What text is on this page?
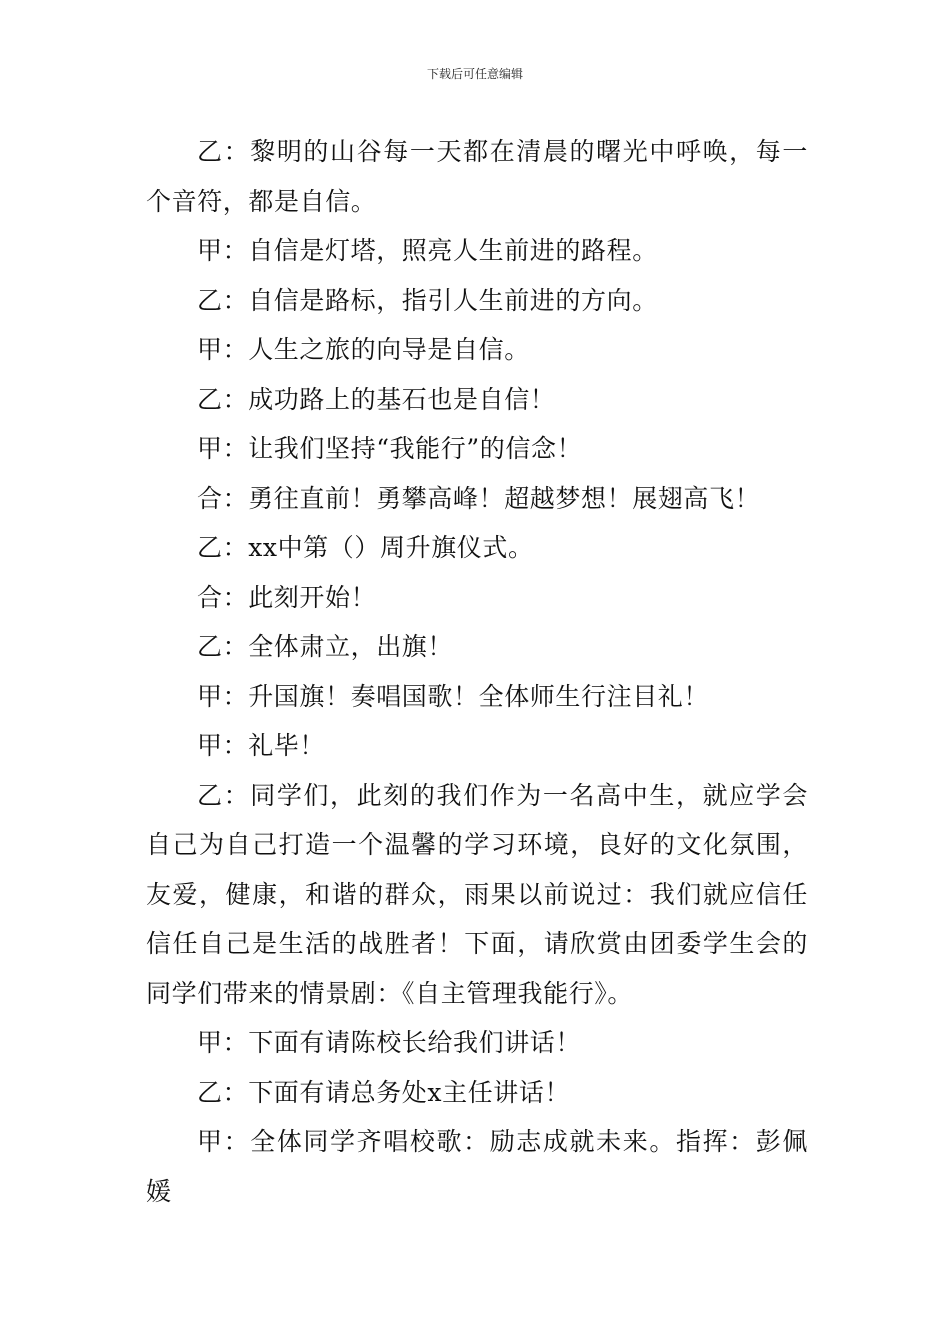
下载后可任意编辑

乙：黎明的山谷每一天都在清晨的曙光中呼唤，每一个音符，都是自信。

甲：自信是灯塔，照亮人生前进的路程。

乙：自信是路标，指引人生前进的方向。

甲：人生之旅的向导是自信。

乙：成功路上的基石也是自信！

甲：让我们坚持“我能行”的信念！

合：勇往直前！勇攀高峰！超越梦想！展翅高飞！

乙：xx中第（）周升旗仪式。

合：此刻开始！

乙：全体肃立，出旗！

甲：升国旗！奏唱国歌！全体师生行注目礼！

甲：礼毕！

乙：同学们，此刻的我们作为一名高中生，就应学会自己为自己打造一个温馨的学习环境，良好的文化氛围，友爱，健康，和谐的群众，雨果以前说过：我们就应信任信任自己是生活的战胜者！下面，请欣赏由团委学生会的同学们带来的情景剧：《自主管理我能行》。

甲：下面有请陈校长给我们讲话！

乙：下面有请总务处x主任讲话！

甲：全体同学齐唱校歌：励志成就未来。指挥：彭佩媛
